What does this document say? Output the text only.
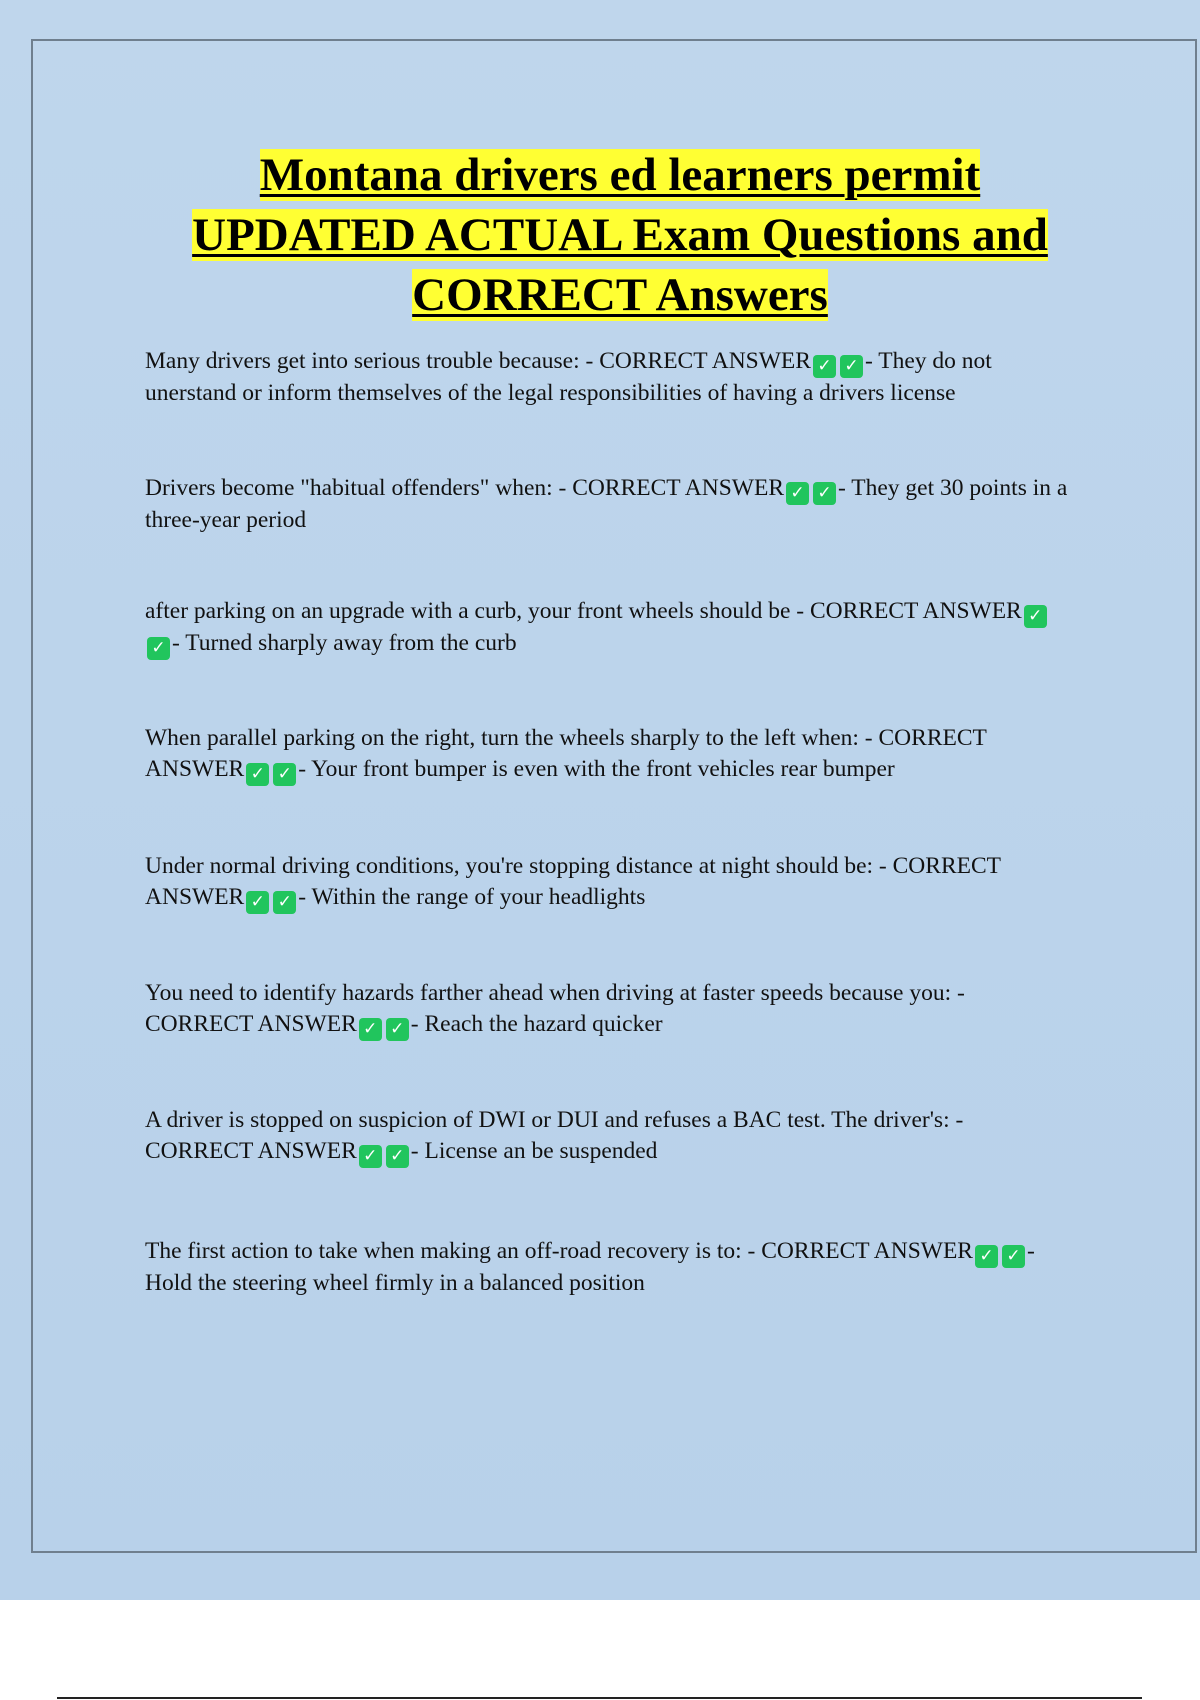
Montana drivers ed learners permit
UPDATED ACTUAL Exam Questions and
CORRECT Answers
Many drivers get into serious trouble because: - CORRECT ANSWER ✓ ✓ - They do not unerstand or inform themselves of the legal responsibilities of having a drivers license
Drivers become "habitual offenders" when: - CORRECT ANSWER ✓ ✓ - They get 30 points in a three-year period
after parking on an upgrade with a curb, your front wheels should be - CORRECT ANSWER ✓✓ - Turned sharply away from the curb
When parallel parking on the right, turn the wheels sharply to the left when: - CORRECT ANSWER ✓ ✓ - Your front bumper is even with the front vehicles rear bumper
Under normal driving conditions, you're stopping distance at night should be: - CORRECT ANSWER ✓ ✓ - Within the range of your headlights
You need to identify hazards farther ahead when driving at faster speeds because you: - CORRECT ANSWER ✓ ✓ - Reach the hazard quicker
A driver is stopped on suspicion of DWI or DUI and refuses a BAC test. The driver's: - CORRECT ANSWER ✓ ✓ - License an be suspended
The first action to take when making an off-road recovery is to: - CORRECT ANSWER ✓ ✓ - Hold the steering wheel firmly in a balanced position
